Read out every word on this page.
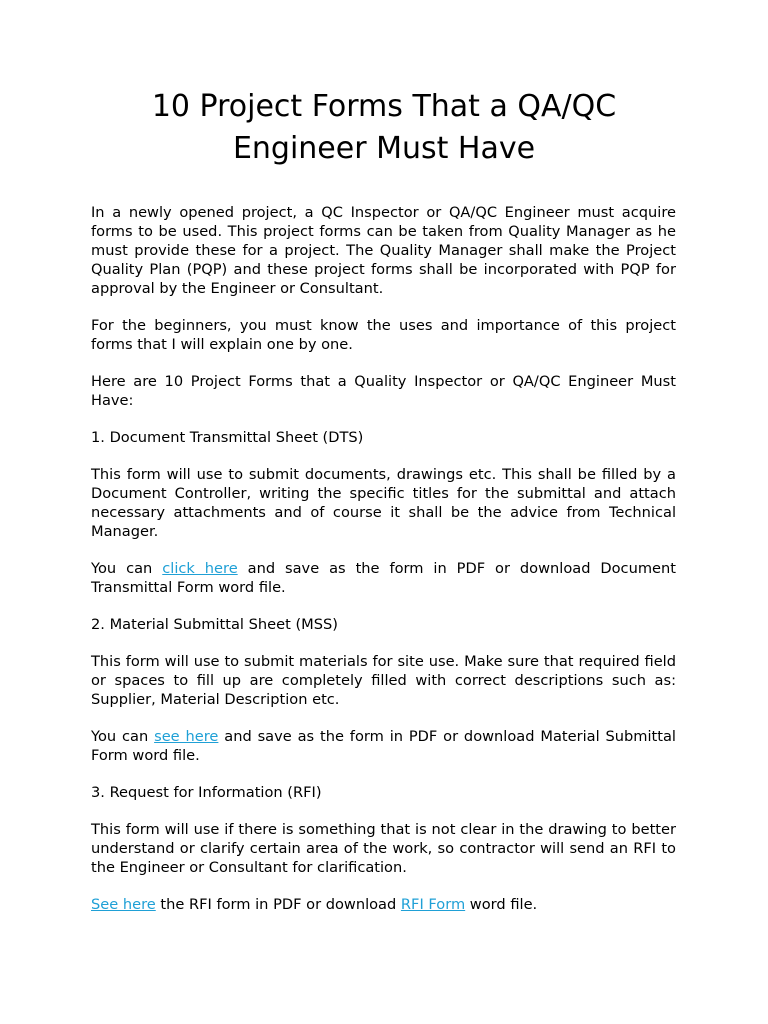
10 Project Forms That a QA/QC
Engineer Must Have

In a newly opened project, a QC Inspector or QA/QC Engineer must acquire forms to be used. This project forms can be taken from Quality Manager as he must provide these for a project. The Quality Manager shall make the Project Quality Plan (PQP) and these project forms shall be incorporated with PQP for approval by the Engineer or Consultant.

For the beginners, you must know the uses and importance of this project forms that I will explain one by one.

Here are 10 Project Forms that a Quality Inspector or QA/QC Engineer Must Have:

1. Document Transmittal Sheet (DTS)

This form will use to submit documents, drawings etc. This shall be filled by a Document Controller, writing the specific titles for the submittal and attach necessary attachments and of course it shall be the advice from Technical Manager.

You can click here and save as the form in PDF or download Document Transmittal Form word file.

2. Material Submittal Sheet (MSS)

This form will use to submit materials for site use. Make sure that required field or spaces to fill up are completely filled with correct descriptions such as: Supplier, Material Description etc.

You can see here and save as the form in PDF or download Material Submittal Form word file.

3. Request for Information (RFI)

This form will use if there is something that is not clear in the drawing to better understand or clarify certain area of the work, so contractor will send an RFI to the Engineer or Consultant for clarification.

See here the RFI form in PDF or download RFI Form word file.
